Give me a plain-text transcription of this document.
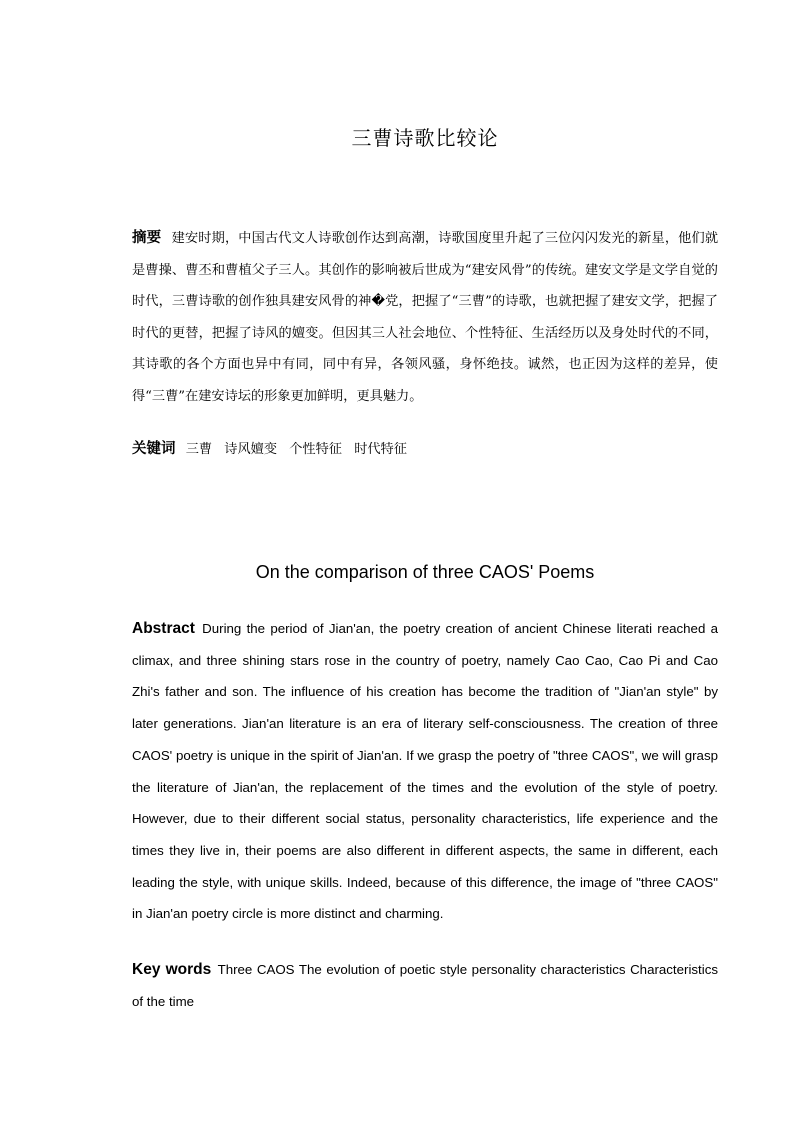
三曹诗歌比较论
摘要 建安时期，中国古代文人诗歌创作达到高潮，诗歌国度里升起了三位闪闪发光的新星，他们就是曹操、曹丕和曹植父子三人。其创作的影响被后世成为“建安风骨”的传统。建安文学是文学自觉的时代，三曹诗歌的创作独具建安风骨的神�党，把握了“三曹”的诗歌，也就把握了建安文学，把握了时代的更替，把握了诗风的嬗变。但因其三人社会地位、个性特征、生活经历以及身处时代的不同，其诗歌的各个方面也异中有同，同中有异，各领风骚，身怀绝技。诚然，也正因为这样的差异，使得“三曹”在建安诗坛的形象更加鲜明，更具魅力。
关键词 三曹 诗风嬗变 个性特征 时代特征
On the comparison of three CAOS' Poems
Abstract During the period of Jian'an, the poetry creation of ancient Chinese literati reached a climax, and three shining stars rose in the country of poetry, namely Cao Cao, Cao Pi and Cao Zhi's father and son. The influence of his creation has become the tradition of "Jian'an style" by later generations. Jian'an literature is an era of literary self-consciousness. The creation of three CAOS' poetry is unique in the spirit of Jian'an. If we grasp the poetry of "three CAOS", we will grasp the literature of Jian'an, the replacement of the times and the evolution of the style of poetry. However, due to their different social status, personality characteristics, life experience and the times they live in, their poems are also different in different aspects, the same in different, each leading the style, with unique skills. Indeed, because of this difference, the image of "three CAOS" in Jian'an poetry circle is more distinct and charming.
Key words Three CAOS The evolution of poetic style personality characteristics Characteristics of the time
